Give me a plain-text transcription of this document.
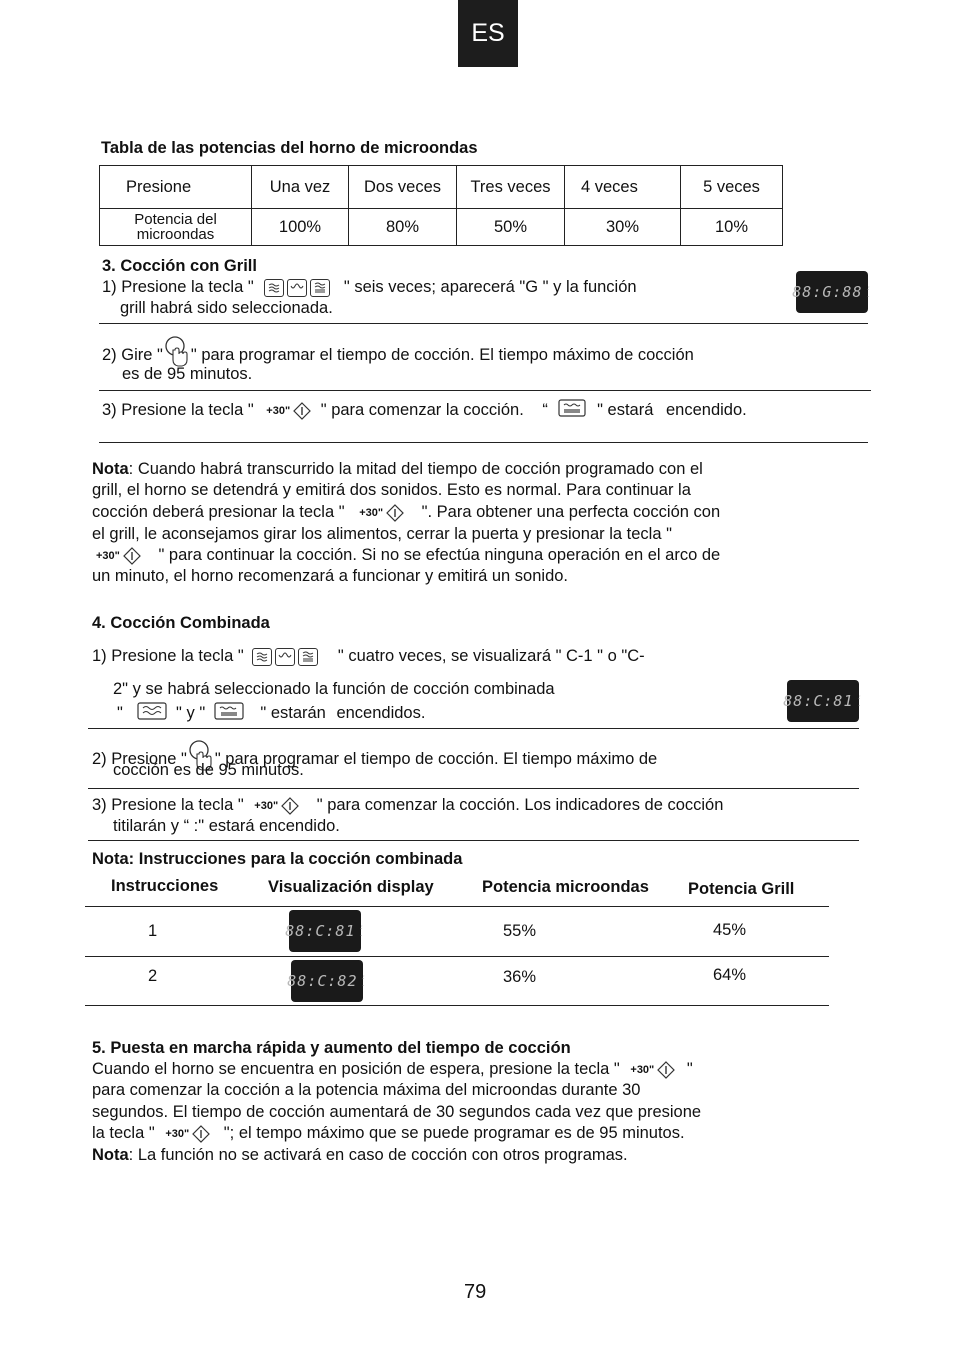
ES
Tabla de las potencias del horno de microondas
Presione	Una vez	Dos veces	Tres veces	4 veces	5 veces
Potencia del microondas	100%	80%	50%	30%	10%
3. Cocción con Grill
1) Presione la tecla "	" seis veces; aparecerá "G " y la función
grill habrá sido seleccionada.
88:G:88 :
.
2) Gire " " para programar el tiempo de cocción. El tiempo máximo de cocción
es de 95 minutos.
3) Presione la tecla " +30" " para comenzar la cocción. “	" estará encendido.
Nota: Cuando habrá transcurrido la mitad del tiempo de cocción programado con el
grill, el horno se detendrá y emitirá dos sonidos. Esto es normal. Para continuar la
cocción deberá presionar la tecla " +30" ". Para obtener una perfecta cocción con
el grill, le aconsejamos girar los alimentos, cerrar la puerta y presionar la tecla "
+30" " para continuar la cocción. Si no se efectúa ninguna operación en el arco de
un minuto, el horno recomenzará a funcionar y emitirá un sonido.
4. Cocción Combinada
1) Presione la tecla "	" cuatro veces, se visualizará " C-1 " o "C-
2" y se habrá seleccionado la función de cocción combinada
"	" y "	" estarán encendidos.
88:C:81 :
.
2) Presione " " para programar el tiempo de cocción. El tiempo máximo de
cocción es de 95 minutos.
3) Presione la tecla " +30" " para comenzar la cocción. Los indicadores de cocción
titilarán y “ :" estará encendido.
Nota: Instrucciones para la cocción combinada
Instrucciones	Visualización display	Potencia microondas Potencia Grill
1	88:C:81 :
.	55%	45%
2	88:C:82 :
.	36%	64%
5. Puesta en marcha rápida y aumento del tiempo de cocción
Cuando el horno se encuentra en posición de espera, presione la tecla " +30" "
para comenzar la cocción a la potencia máxima del microondas durante 30
segundos. El tiempo de cocción aumentará de 30 segundos cada vez que presione
la tecla " +30" "; el tempo máximo que se puede programar es de 95 minutos.
Nota: La función no se activará en caso de cocción con otros programas.
79
